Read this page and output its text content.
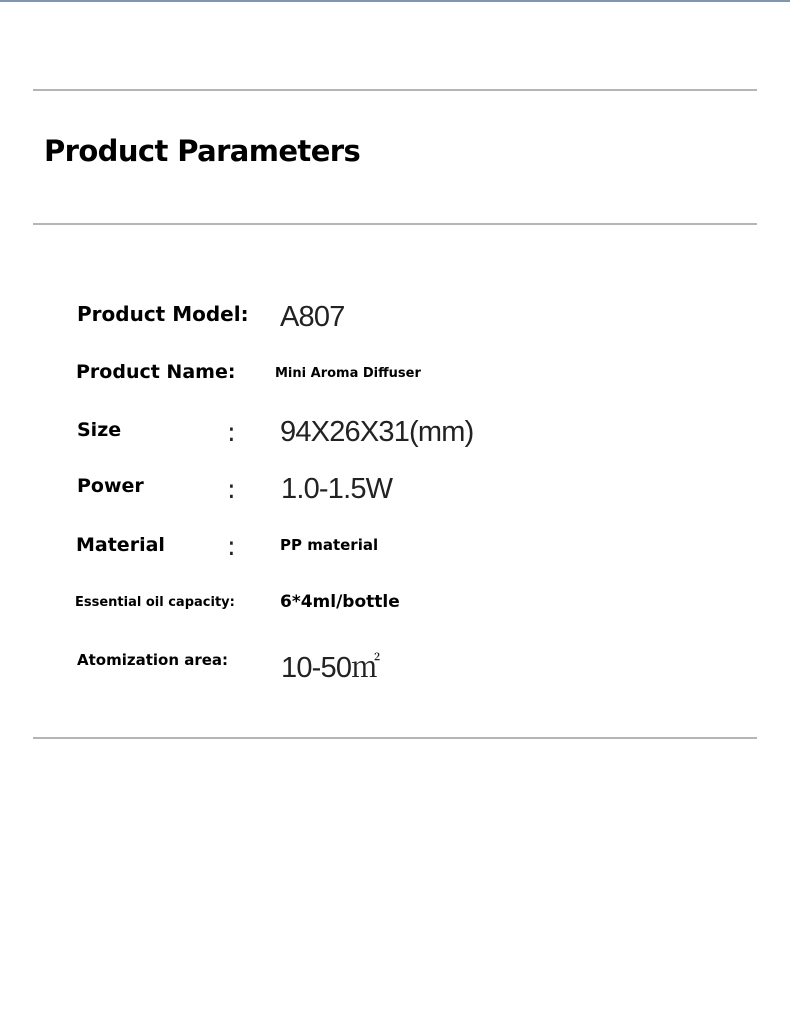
Product Parameters
Product Model: A807
Product Name:	Mini Aroma Diffuser
Size	: 94X26X31(mm)
Power	: 1.0-1.5W
Material :	PP material
Essential oil capacity:	6*4ml/bottle
Atomization area: 10-50㎡
